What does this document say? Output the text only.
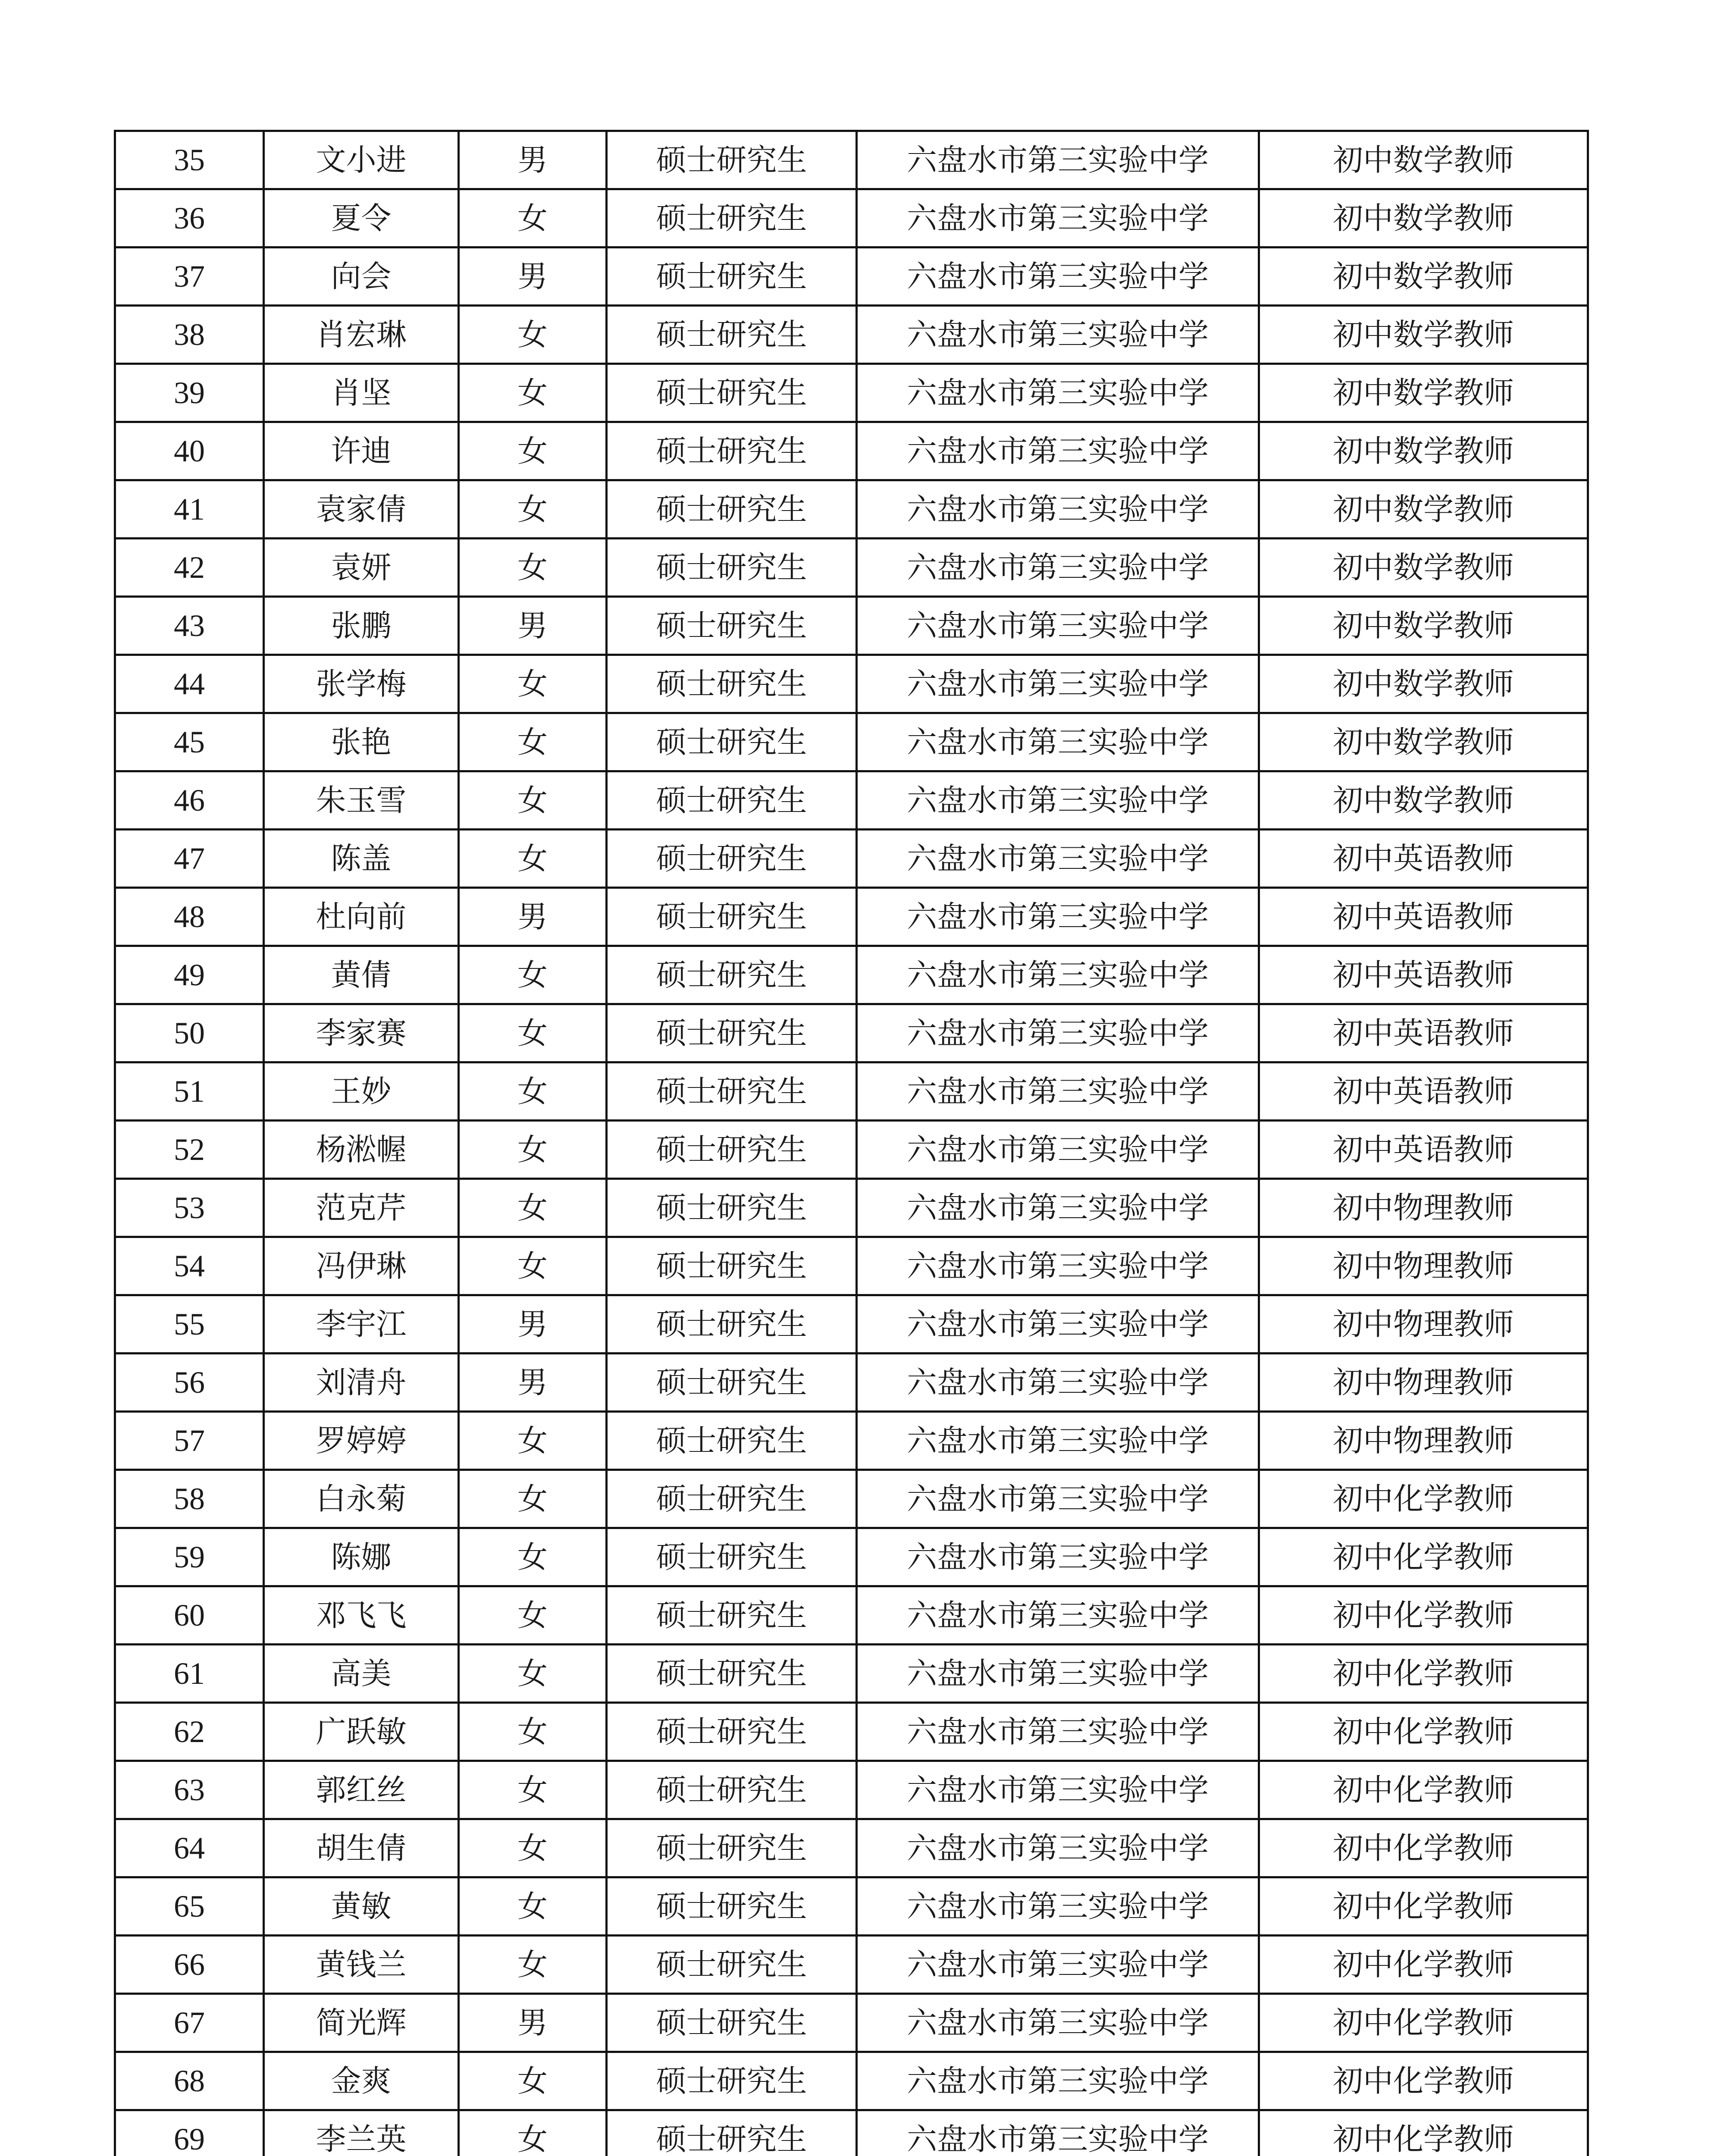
35	文小进	男	硕士研究生	六盘水市第三实验中学	初中数学教师
36	夏令	女	硕士研究生	六盘水市第三实验中学	初中数学教师
37	向会	男	硕士研究生	六盘水市第三实验中学	初中数学教师
38	肖宏琳	女	硕士研究生	六盘水市第三实验中学	初中数学教师
39	肖坚	女	硕士研究生	六盘水市第三实验中学	初中数学教师
40	许迪	女	硕士研究生	六盘水市第三实验中学	初中数学教师
41	袁家倩	女	硕士研究生	六盘水市第三实验中学	初中数学教师
42	袁妍	女	硕士研究生	六盘水市第三实验中学	初中数学教师
43	张鹏	男	硕士研究生	六盘水市第三实验中学	初中数学教师
44	张学梅	女	硕士研究生	六盘水市第三实验中学	初中数学教师
45	张艳	女	硕士研究生	六盘水市第三实验中学	初中数学教师
46	朱玉雪	女	硕士研究生	六盘水市第三实验中学	初中数学教师
47	陈盖	女	硕士研究生	六盘水市第三实验中学	初中英语教师
48	杜向前	男	硕士研究生	六盘水市第三实验中学	初中英语教师
49	黄倩	女	硕士研究生	六盘水市第三实验中学	初中英语教师
50	李家赛	女	硕士研究生	六盘水市第三实验中学	初中英语教师
51	王妙	女	硕士研究生	六盘水市第三实验中学	初中英语教师
52	杨淞幄	女	硕士研究生	六盘水市第三实验中学	初中英语教师
53	范克芹	女	硕士研究生	六盘水市第三实验中学	初中物理教师
54	冯伊琳	女	硕士研究生	六盘水市第三实验中学	初中物理教师
55	李宇江	男	硕士研究生	六盘水市第三实验中学	初中物理教师
56	刘清舟	男	硕士研究生	六盘水市第三实验中学	初中物理教师
57	罗婷婷	女	硕士研究生	六盘水市第三实验中学	初中物理教师
58	白永菊	女	硕士研究生	六盘水市第三实验中学	初中化学教师
59	陈娜	女	硕士研究生	六盘水市第三实验中学	初中化学教师
60	邓飞飞	女	硕士研究生	六盘水市第三实验中学	初中化学教师
61	高美	女	硕士研究生	六盘水市第三实验中学	初中化学教师
62	广跃敏	女	硕士研究生	六盘水市第三实验中学	初中化学教师
63	郭红丝	女	硕士研究生	六盘水市第三实验中学	初中化学教师
64	胡生倩	女	硕士研究生	六盘水市第三实验中学	初中化学教师
65	黄敏	女	硕士研究生	六盘水市第三实验中学	初中化学教师
66	黄钱兰	女	硕士研究生	六盘水市第三实验中学	初中化学教师
67	简光辉	男	硕士研究生	六盘水市第三实验中学	初中化学教师
68	金爽	女	硕士研究生	六盘水市第三实验中学	初中化学教师
69	李兰英	女	硕士研究生	六盘水市第三实验中学	初中化学教师
